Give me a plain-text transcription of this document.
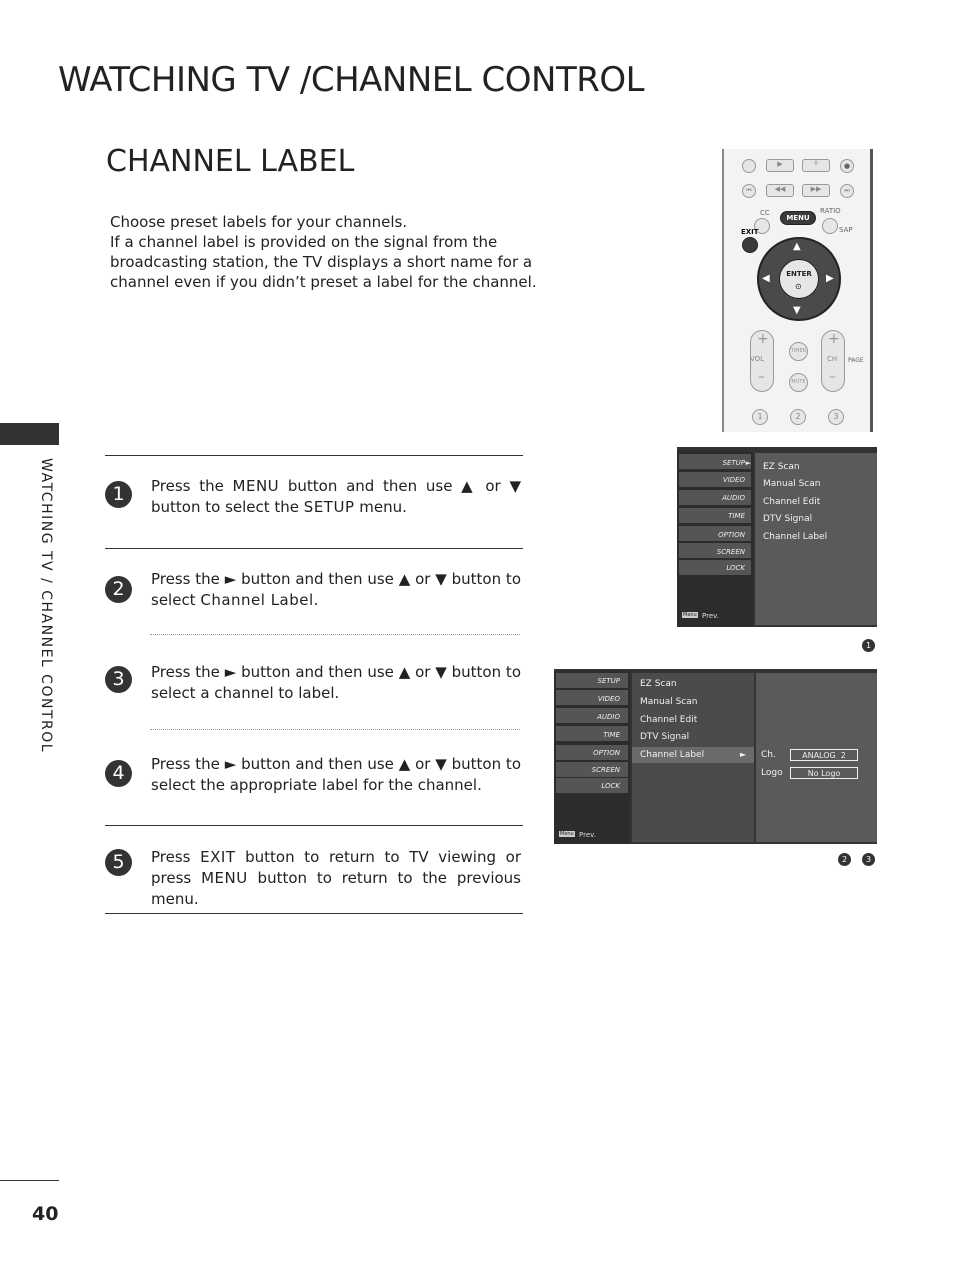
WATCHING TV /CHANNEL CONTROL
CHANNEL LABEL
Choose preset labels for your channels.
If a channel label is provided on the signal from the
broadcasting station, the TV displays a short name for a
channel even if you didn’t preset a label for the channel.
WATCHING TV / CHANNEL CONTROL
40
1	Press the MENU button and then use ▲ or ▼ button to select the SETUP menu.
2	Press the ► button and then use ▲ or ▼ button to select Channel Label.
3	Press the ► button and then use ▲ or ▼ button to select a channel to label.
4	Press the ► button and then use ▲ or ▼ button to select the appropriate label for the channel.
5	Press EXIT button to return to TV viewing or press MENU button to return to the previous menu.
▶	II	●
⏮	◀◀	▶▶	⏭
CC
MENU
RATIO
SAP
EXIT
▲
▼
◀	▶
ENTER
⊙
+
VOL
–
TIMER
MUTE
+
CH
–
PAGE
1	2	3
SETUP ►
VIDEO
AUDIO
TIME
OPTION
SCREEN
LOCK
Menu Prev.
EZ Scan
Manual Scan
Channel Edit
DTV Signal
Channel Label
1
SETUP
VIDEO
AUDIO
TIME
OPTION
SCREEN
LOCK
Menu Prev.
EZ Scan
Manual Scan
Channel Edit
DTV Signal
Channel Label	► Ch.	ANALOG  2
Logo	No Logo
2	3
